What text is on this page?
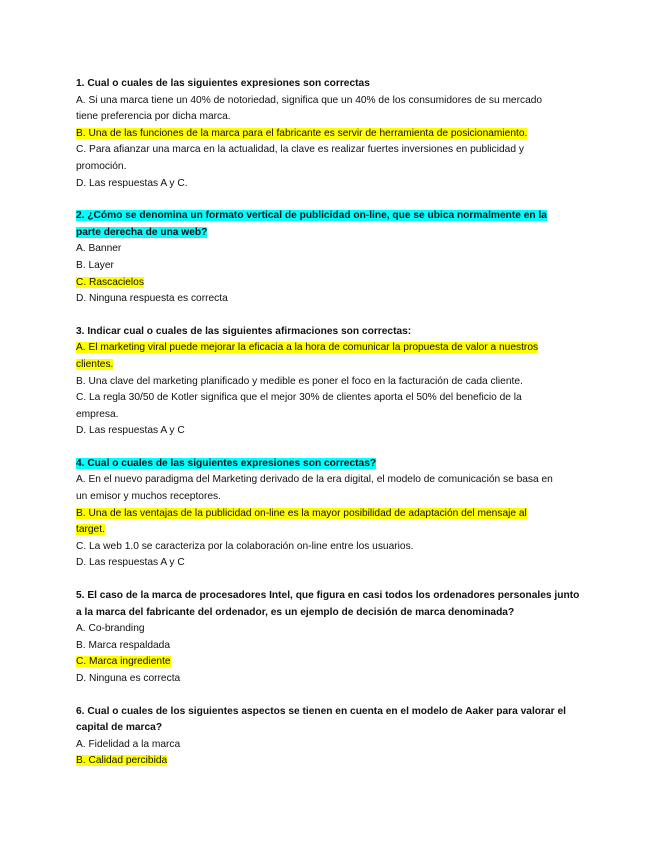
1. Cual o cuales de las siguientes expresiones son correctas
A. Si una marca tiene un 40% de notoriedad, significa que un 40% de los consumidores de su mercado
tiene preferencia por dicha marca.
B. Una de las funciones de la marca para el fabricante es servir de herramienta de posicionamiento.
C. Para afianzar una marca en la actualidad, la clave es realizar fuertes inversiones en publicidad y
promoción.
D. Las respuestas A y C.
2. ¿Cómo se denomina un formato vertical de publicidad on-line, que se ubica normalmente en la
parte derecha de una web?
A. Banner
B. Layer
C. Rascacielos
D. Ninguna respuesta es correcta
3. Indicar cual o cuales de las siguientes afirmaciones son correctas:
A. El marketing viral puede mejorar la eficacia a la hora de comunicar la propuesta de valor a nuestros
clientes.
B. Una clave del marketing planificado y medible es poner el foco en la facturación de cada cliente.
C. La regla 30/50 de Kotler significa que el mejor 30% de clientes aporta el 50% del beneficio de la
empresa.
D. Las respuestas A y C
4. Cual o cuales de las siguientes expresiones son correctas?
A. En el nuevo paradigma del Marketing derivado de la era digital, el modelo de comunicación se basa en
un emisor y muchos receptores.
B. Una de las ventajas de la publicidad on-line es la mayor posibilidad de adaptación del mensaje al
target.
C. La web 1.0 se caracteriza por la colaboración on-line entre los usuarios.
D. Las respuestas A y C
5. El caso de la marca de procesadores Intel, que figura en casi todos los ordenadores personales junto
a la marca del fabricante del ordenador, es un ejemplo de decisión de marca denominada?
A. Co-branding
B. Marca respaldada
C. Marca ingrediente
D. Ninguna es correcta
6. Cual o cuales de los siguientes aspectos se tienen en cuenta en el modelo de Aaker para valorar el
capital de marca?
A. Fidelidad a la marca
B. Calidad percibida
